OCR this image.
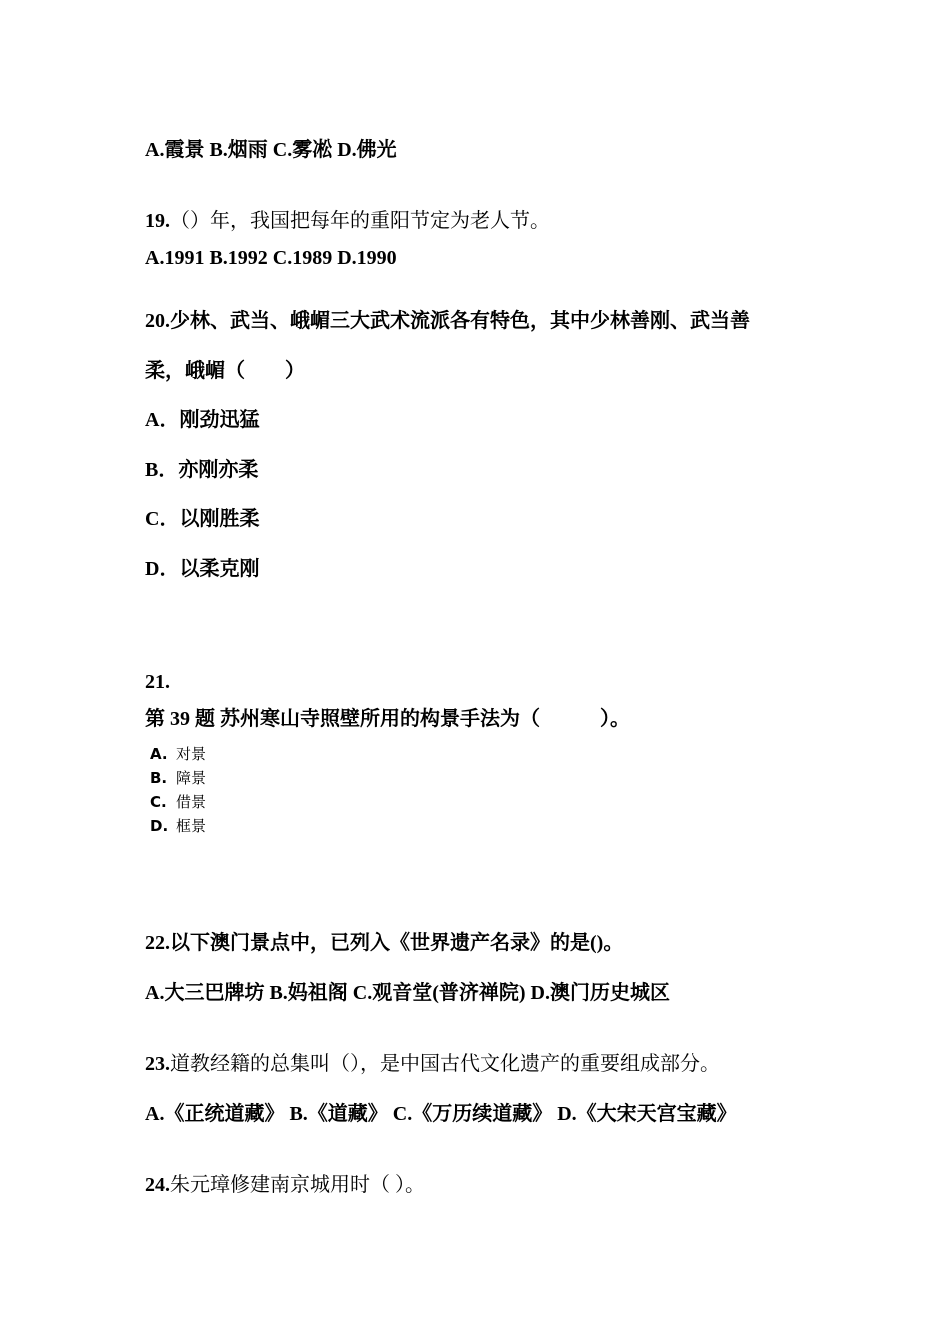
A.霞景 B.烟雨 C.雾凇 D.佛光
19.（）年，我国把每年的重阳节定为老人节。
A.1991 B.1992 C.1989 D.1990
20.少林、武当、峨嵋三大武术流派各有特色，其中少林善刚、武当善
柔，峨嵋（　　）
A．刚劲迅猛
B．亦刚亦柔
C．以刚胜柔
D．以柔克刚
21.
第 39 题 苏州寒山寺照壁所用的构景手法为（　　　）。
A. 对景
B. 障景
C. 借景
D. 框景
22.以下澳门景点中，已列入《世界遗产名录》的是()。
A.大三巴牌坊 B.妈祖阁 C.观音堂(普济禅院) D.澳门历史城区
23.道教经籍的总集叫（），是中国古代文化遗产的重要组成部分。
A.《正统道藏》 B.《道藏》 C.《万历续道藏》 D.《大宋天宫宝藏》
24.朱元璋修建南京城用时（ ）。
